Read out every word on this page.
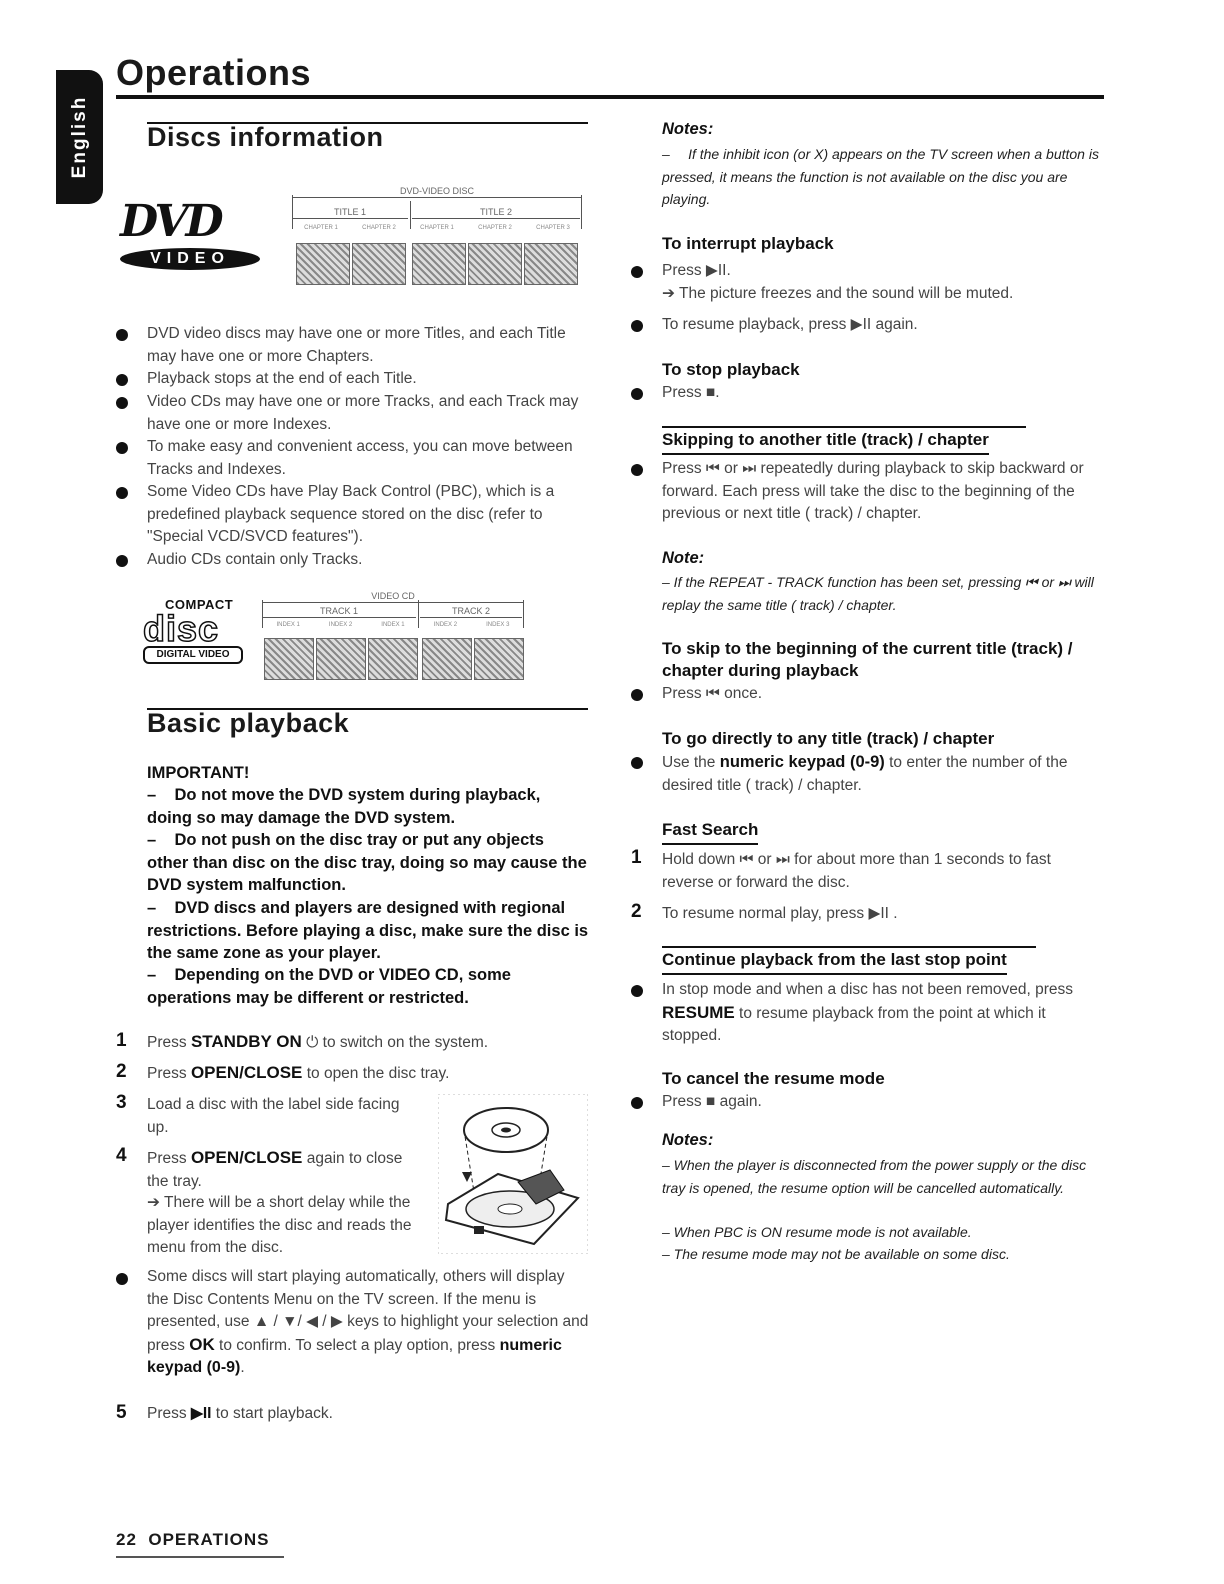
English
Operations
Discs information
DVD
VIDEO
DVD-VIDEO DISC
TITLE 1	TITLE 2
CHAPTER 1	CHAPTER 2	CHAPTER 1	CHAPTER 2	CHAPTER 3
DVD video discs may have one or more Titles, and each Title may have one or more Chapters.
Playback stops at the end of each Title.
Video CDs may have one or more Tracks, and each Track may have one or more Indexes.
To make easy and convenient access, you can move between Tracks and Indexes.
Some Video CDs have Play Back Control (PBC), which is a predefined playback sequence stored on the disc (refer to "Special VCD/SVCD features").
Audio CDs contain only Tracks.
COMPACT
disc
DIGITAL VIDEO
VIDEO CD
TRACK 1	TRACK 2
INDEX 1	INDEX 2	INDEX 1	INDEX 2	INDEX 3
Basic playback
IMPORTANT!
–    Do not move the DVD system during playback, doing so may damage the DVD system.
–    Do not push on the disc tray or put any objects other than disc on the disc tray, doing so may cause the DVD system malfunction.
–    DVD discs and players are designed with regional restrictions. Before playing a disc, make sure the disc is the same zone as your player.
–    Depending on the DVD or VIDEO CD, some operations may be different or restricted.
1 Press STANDBY ON ⏻ to switch on the system.
2 Press OPEN/CLOSE to open the disc tray.
3 Load a disc with the label side facing up.
4 Press OPEN/CLOSE again to close the tray.
➔ There will be a short delay while the player identifies the disc and reads the menu from the disc.
Some discs will start playing automatically, others will display the Disc Contents Menu on the TV screen. If the menu is presented, use ▲ / ▼/ ◀ / ▶ keys to highlight your selection and press OK to confirm. To select a play option, press numeric keypad (0-9).
5 Press ▶II to start playback.
Notes:
– ⃠ If the inhibit icon (or X) appears on the TV screen when a button is pressed, it means the function is not available on the disc you are playing.
To interrupt playback
Press ▶II.
➔ The picture freezes and the sound will be muted.
To resume playback, press ▶II again.
To stop playback
Press ■.
Skipping to another title (track) / chapter
Press ⏮ or ⏭ repeatedly during playback to skip backward or forward. Each press will take the disc to the beginning of the previous or next title ( track) / chapter.
Note:
– If the REPEAT - TRACK function has been set, pressing ⏮ or ⏭ will replay the same title ( track) / chapter.
To skip to the beginning of the current title (track) / chapter during playback
Press ⏮ once.
To go directly to any title (track) / chapter
Use the numeric keypad (0-9) to enter the number of the desired title ( track) / chapter.
Fast Search
1 Hold down ⏮ or ⏭ for about more than 1 seconds to fast reverse or forward the disc.
2 To resume normal play, press ▶II .
Continue playback from the last stop point
In stop mode and when a disc has not been removed, press RESUME to resume playback from the point at which it stopped.
To cancel the resume mode
Press ■ again.
Notes:
– When the player is disconnected from the power supply or the disc tray is opened, the resume option will be cancelled automatically.
– When PBC is ON resume mode is not available.
– The resume mode may not be available on some disc.
22 OPERATIONS
